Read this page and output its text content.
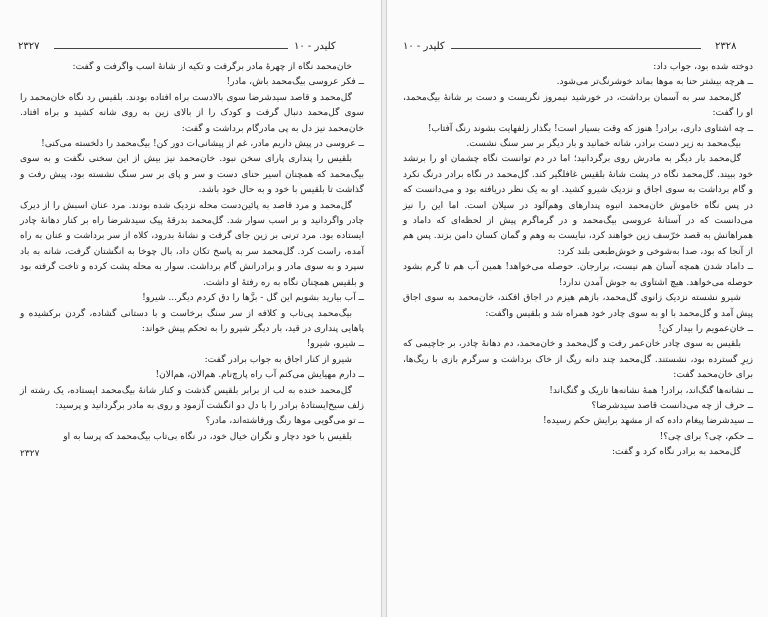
۲۳۲۷	کلیدر - ۱۰

خان‌محمد نگاه از چهرهٔ مادر برگرفت و تکیه از شانهٔ اسب واگرفت و گفت:

ــ فکر عروسی بیگ‌محمد باش، مادر!

گل‌محمد و قاصد سیدشرضا سوی بالادست براه افتاده بودند. بلقیس رد نگاه خان‌محمد را سوی گل‌محمد دنبال گرفت و کودک را از بالای زین به روی شانه کشید و براه افتاد. خان‌محمد نیز دل به پی مادرگام برداشت و گفت:

ــ عروسی در پیش داریم مادر، غم از پیشانی‌ات دور کن! بیگ‌محمد را دلخسته می‌کنی!

بلقیس را پنداری پارای سخن نبود. خان‌محمد نیز بیش از این سخنی نگفت و به سوی بیگ‌محمد که همچنان اسیر حنای دست و سر و پای بر سر سنگ نشسته بود، پیش رفت و گذاشت تا بلقیس با خود و به حال خود باشد.

گل‌محمد و مرد قاصد به پائین‌دست محله نزدیک شده بودند. مرد عنان اسبش را از دیرک چادر واگردانید و بر اسب سوار شد. گل‌محمد بدرقهٔ پیک سیدشرضا راه بر کنار دهانهٔ چادر ایستاده بود. مرد ترنی بر زین جای گرفت و نشانهٔ بدرود، کلاه از سر برداشت و عنان به راه آمده، راست کرد. گل‌محمد سر به پاسخ تکان داد، بال چوخا به انگشتان گرفت، شانه به باد سپرد و به سوی مادر و برادرانش گام برداشت. سوار به محله پشت کرده و تاخت گرفته بود و بلقیس همچنان نگاه به ره رفتهٔ او داشت.

ــ آب بیارید بشویم این گل - بزَّها را دق کردم دیگر... شیرو!

بیگ‌محمد پی‌تاب و کلافه از سر سنگ برخاست و با دستانی گشاده، گردن برکشیده و پاهایی پنداری در قید، بار دیگر شیرو را به تحکم پیش خواند:

ــ شیرو، شیرو!

شیرو از کنار اجاق به جواب برادر گفت:

ــ دارم مهیایش می‌کنم آب راه پارچ‌نام. هم‌الان، هم‌الان!

گل‌محمد خنده به لب از برابر بلقیس گذشت و کنار شانهٔ بیگ‌محمد ایستاده، یک رشته از زلف سیخ‌ایستادهٔ برادر را با دل دو انگشت آزمود و روی به مادر برگردانید و پرسید:

ــ تو می‌گویی موها رنگ ورفاشته‌اند، مادر؟

بلقیس با خود دچار و نگران خیال خود، در نگاه بی‌تاب بیگ‌محمد که پرسا به او

۲۳۲۷

کلیدر - ۱۰	۲۳۲۸

دوخته شده بود، جواب داد:

ــ هرچه بیشتر حنا به موها بماند خوشرنگ‌تر می‌شود.

گل‌محمد سر به آسمان برداشت، در خورشید نیمروز نگریست و دست بر شانهٔ بیگ‌محمد، او را گفت:

ــ چه اشتاوی داری، برادر! هنوز که وقت بسیار است! بگذار زلفهایت بشوند رنگ آفتاب!

بیگ‌محمد به زیر دست برادر، شانه خمانید و بار دیگر بر سر سنگ نشست.

گل‌محمد بار دیگر به مادرش روی برگردانید؛ اما در دم توانست نگاه چشمان او را برنشد خود ببیند. گل‌محمد نگاه در پشت شانهٔ بلقیس غافلگیر کند. گل‌محمد در نگاه برادر درنگ نکرد و گام برداشت به سوی اجاق و نزدیک شیرو کشید. او به یک نظر دریافته بود و می‌دانست که در پس نگاه خاموش خان‌محمد انبوه پندارهای وهم‌آلود در سیلان است. اما این را نیز می‌دانست که در آستانهٔ عروسی بیگ‌محمد و در گرماگرم پیش از لحظه‌ای که داماد و همراهانش به قصد خرّسف زین خواهند کرد، نبایست به وهم و گمان کسان دامن بزند. پس هم از آنجا که بود، صدا به‌شوخی و خوش‌طبعی بلند کرد:

ــ داماد شدن همچه آسان هم نیست، برارجان. حوصله می‌خواهد! همین آب هم تا گرم بشود حوصله می‌خواهد. هیچ اشتاوی به جوش آمدن ندارد!

شیرو نشسته نزدیک زانوی گل‌محمد، بازهم هیزم در اجاق افکند، خان‌محمد به سوی اجاق پیش آمد و گل‌محمد با او به سوی چادر خود همراه شد و بلقیس واگفت:

ــ خان‌عمویم را بیدار کن!

بلقیس به سوی چادر خان‌عمر رفت و گل‌محمد و خان‌محمد، دم دهانهٔ چادر، بر جاچیمی که زیرِ گسترده بود، نشستند. گل‌محمد چند دانه ریگ از خاک برداشت و سرگرم بازی با ریگ‌ها، برای خان‌محمد گفت:

ــ نشانه‌ها گنگ‌اند، برادر! همهٔ نشانه‌ها تاریک و گنگ‌اند!

ــ حرف از چه می‌دانست قاصد سیدشرضا؟

ــ سیدشرضا پیغام داده که از مشهد برایش حکم رسیده!

ــ حکم، چی؟ برای چی؟!

گل‌محمد به برادر نگاه کرد و گفت:
